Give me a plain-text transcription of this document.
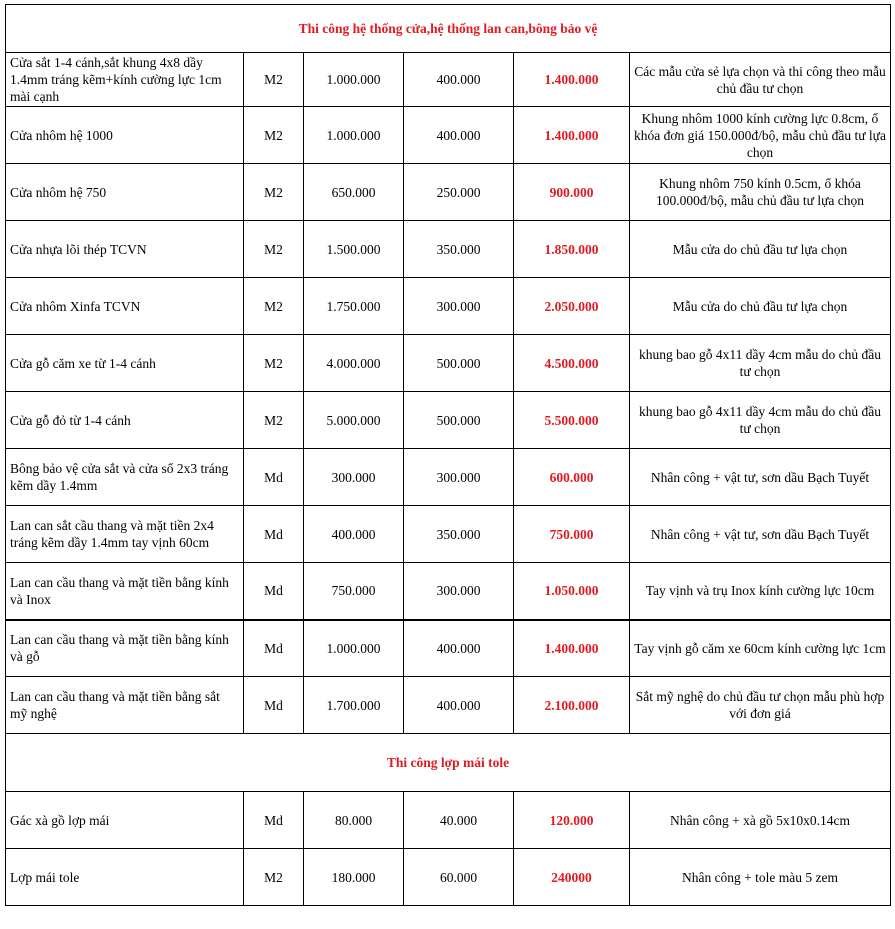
Thi công hệ thống cửa,hệ thống lan can,bông bảo vệ					
Cửa sắt 1-4 cánh,sắt khung 4x8 dầy 1.4mm tráng kẽm+kính cường lực 1cm mài cạnh	M2	1.000.000	400.000	1.400.000	Các mẫu cửa sẻ lựa chọn và thi công theo mẫu chủ đầu tư chọn
Cửa nhôm hệ 1000	M2	1.000.000	400.000	1.400.000	Khung nhôm 1000 kính cường lực 0.8cm, ổ khóa đơn giá 150.000đ/bộ, mẫu chủ đầu tư lựa chọn
Cửa nhôm hệ 750	M2	650.000	250.000	900.000	Khung nhôm 750 kính 0.5cm, ổ khóa 100.000đ/bộ, mẫu chủ đầu tư lựa chọn
Cửa nhựa lõi thép TCVN	M2	1.500.000	350.000	1.850.000	Mẫu cửa do chủ đầu tư lựa chọn
Cửa nhôm Xinfa TCVN	M2	1.750.000	300.000	2.050.000	Mẫu cửa do chủ đầu tư lựa chọn
Cửa gỗ căm xe từ 1-4 cánh	M2	4.000.000	500.000	4.500.000	khung bao gỗ 4x11 dầy 4cm mẫu do chủ đầu tư chọn
Cửa gỗ đỏ từ 1-4 cánh	M2	5.000.000	500.000	5.500.000	khung bao gỗ 4x11 dầy 4cm mẫu do chủ đầu tư chọn
Bông bảo vệ cửa sắt và cửa sổ 2x3 tráng kẽm dầy 1.4mm	Md	300.000	300.000	600.000	Nhân công + vật tư, sơn dầu Bạch Tuyết
Lan can sắt cầu thang và mặt tiền 2x4 tráng kẽm dầy 1.4mm tay vịnh 60cm	Md	400.000	350.000	750.000	Nhân công + vật tư, sơn dầu Bạch Tuyết
Lan can cầu thang và mặt tiền bằng kính và Inox	Md	750.000	300.000	1.050.000	Tay vịnh và trụ Inox kính cường lực 10cm
Lan can cầu thang và mặt tiền bằng kính và gỗ	Md	1.000.000	400.000	1.400.000	Tay vịnh gỗ căm xe 60cm kính cường lực 1cm
Lan can cầu thang và mặt tiền bằng sắt mỹ nghệ	Md	1.700.000	400.000	2.100.000	Sắt mỹ nghệ do chủ đầu tư chọn mẫu phù hợp với đơn giá
Thi công lợp mái tole					
Gác xà gồ lợp mái	Md	80.000	40.000	120.000	Nhân công + xà gồ 5x10x0.14cm
Lợp mái tole	M2	180.000	60.000	240000	Nhân công + tole màu 5 zem
